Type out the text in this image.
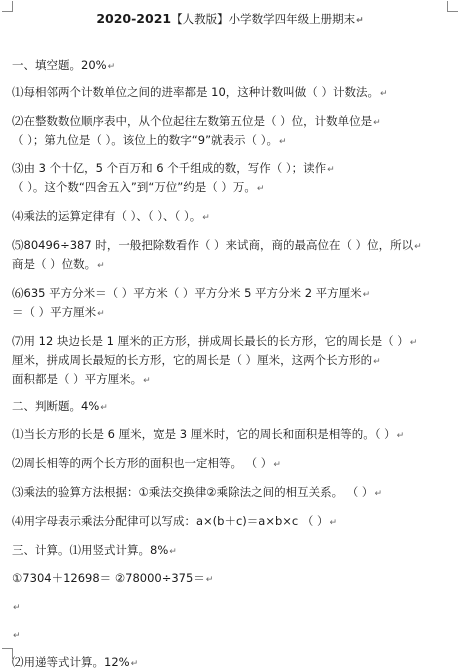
2020-2021【人教版】小学数学四年级上册期末↵
一、填空题。20%↵
⑴每相邻两个计数单位之间的进率都是 10，这种计数叫做（ ）计数法。↵
⑵在整数数位顺序表中，从个位起往左数第五位是（ ）位，计数单位是↵
（ ）；第九位是（ ）。该位上的数字“9”就表示（ ）。↵
⑶由 3 个十亿，5 个百万和 6 个千组成的数，写作（ ）；读作↵
（ ）。这个数“四舍五入”到“万位”约是（ ）万。↵
⑷乘法的运算定律有（ ）、（ ）、（ ）。↵
⑸80496÷387 时，一般把除数看作（ ）来试商，商的最高位在（ ）位，所以↵
商是（ ）位数。↵
⑹635 平方分米＝（ ）平方米（ ）平方分米 5 平方分米 2 平方厘米↵
＝（ ）平方厘米↵
⑺用 12 块边长是 1 厘米的正方形，拼成周长最长的长方形，它的周长是（ ）↵
厘米，拼成周长最短的长方形，它的周长是（ ）厘米，这两个长方形的↵
面积都是（ ）平方厘米。↵
二、判断题。4%↵
⑴当长方形的长是 6 厘米，宽是 3 厘米时，它的周长和面积是相等的。（ ）↵
⑵周长相等的两个长方形的面积也一定相等。 （ ）↵
⑶乘法的验算方法根据：①乘法交换律②乘除法之间的相互关系。 （ ）↵
⑷用字母表示乘法分配律可以写成：a×(b＋c)＝a×b×c （ ）↵
三、计算。⑴用竖式计算。8%↵
①7304＋12698＝ ②78000÷375＝↵
↵
↵
⑵用递等式计算。12%↵
